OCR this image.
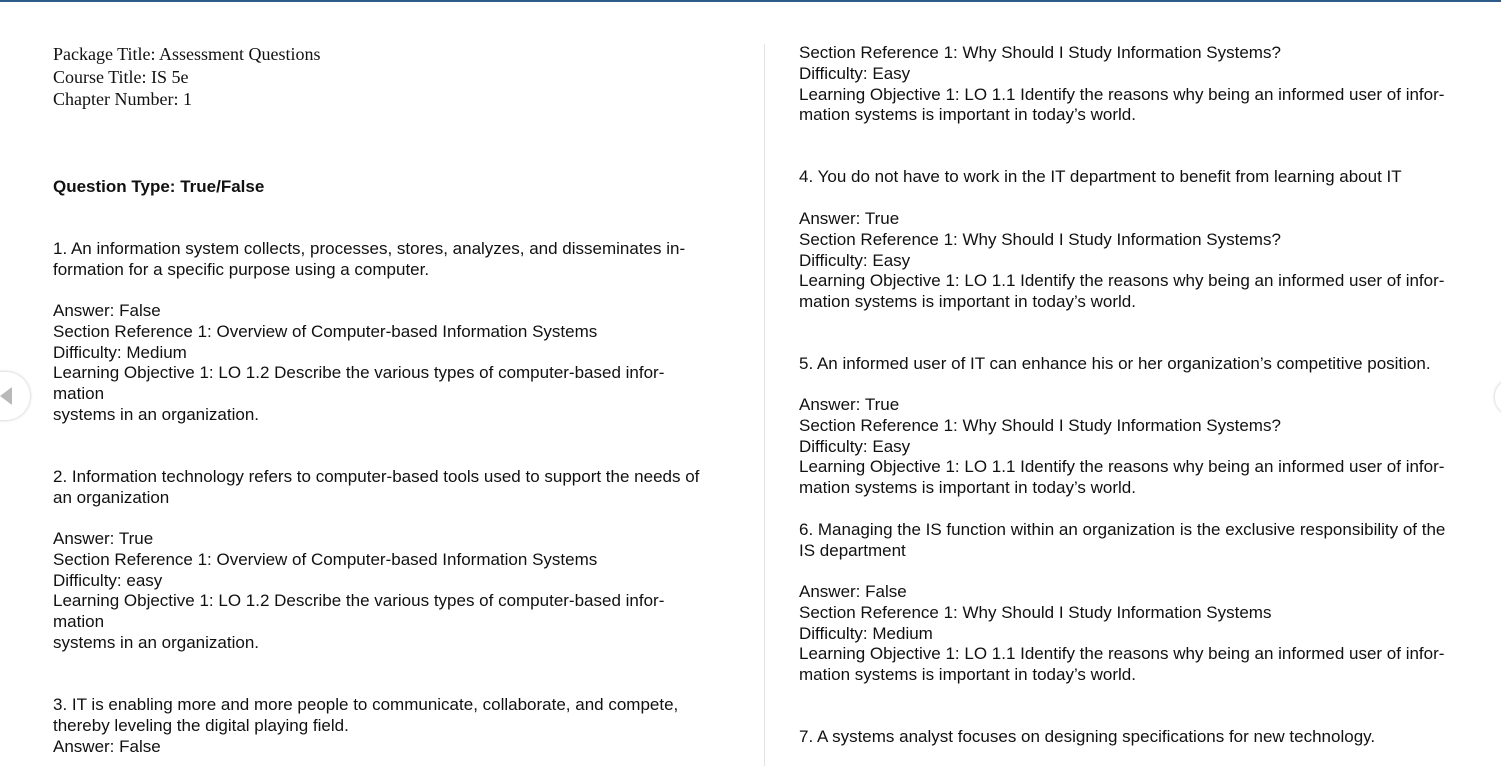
Package Title: Assessment Questions
Course Title: IS 5e
Chapter Number: 1
Question Type: True/False
1. An information system collects, processes, stores, analyzes, and disseminates in-
formation for a specific purpose using a computer.
Answer: False
Section Reference 1: Overview of Computer-based Information Systems
Difficulty: Medium
Learning Objective 1: LO 1.2 Describe the various types of computer-based infor-
mation
systems in an organization.
2. Information technology refers to computer-based tools used to support the needs of
an organization
Answer: True
Section Reference 1: Overview of Computer-based Information Systems
Difficulty: easy
Learning Objective 1: LO 1.2 Describe the various types of computer-based infor-
mation
systems in an organization.
3. IT is enabling more and more people to communicate, collaborate, and compete,
thereby leveling the digital playing field.
Answer: False
Section Reference 1: Why Should I Study Information Systems?
Difficulty: Easy
Learning Objective 1: LO 1.1 Identify the reasons why being an informed user of infor-
mation systems is important in today’s world.
4. You do not have to work in the IT department to benefit from learning about IT
Answer: True
Section Reference 1: Why Should I Study Information Systems?
Difficulty: Easy
Learning Objective 1: LO 1.1 Identify the reasons why being an informed user of infor-
mation systems is important in today’s world.
5. An informed user of IT can enhance his or her organization’s competitive position.
Answer: True
Section Reference 1: Why Should I Study Information Systems?
Difficulty: Easy
Learning Objective 1: LO 1.1 Identify the reasons why being an informed user of infor-
mation systems is important in today’s world.
6. Managing the IS function within an organization is the exclusive responsibility of the
IS department
Answer: False
Section Reference 1: Why Should I Study Information Systems
Difficulty: Medium
Learning Objective 1: LO 1.1 Identify the reasons why being an informed user of infor-
mation systems is important in today’s world.
7. A systems analyst focuses on designing specifications for new technology.
